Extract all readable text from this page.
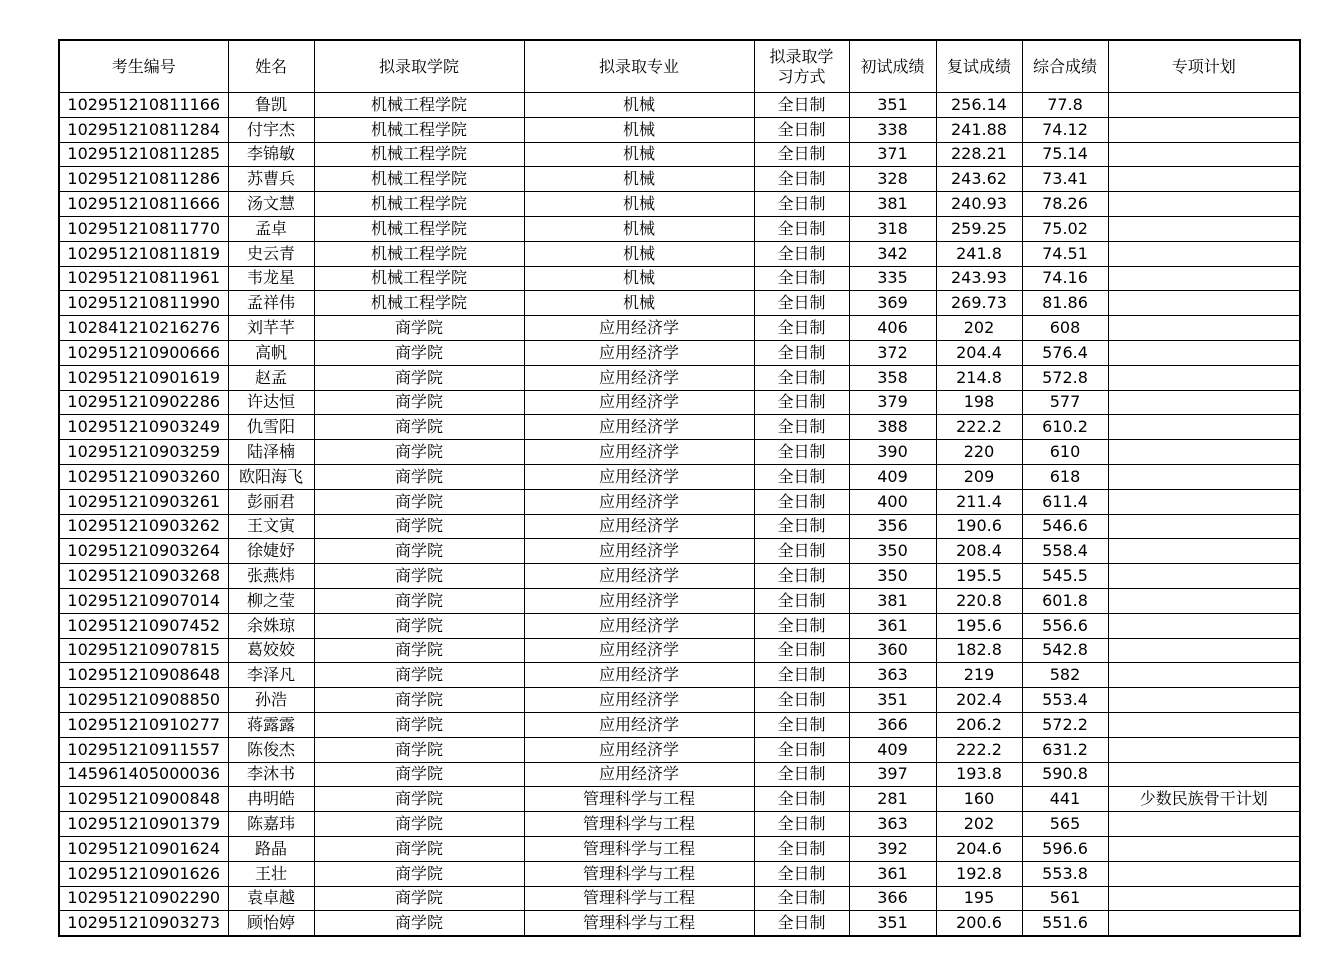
考生编号	姓名	拟录取学院	拟录取专业	拟录取学习方式	初试成绩	复试成绩	综合成绩	专项计划
102951210811166	鲁凯	机械工程学院	机械	全日制	351	256.14	77.8	
102951210811284	付宇杰	机械工程学院	机械	全日制	338	241.88	74.12	
102951210811285	李锦敏	机械工程学院	机械	全日制	371	228.21	75.14	
102951210811286	苏曹兵	机械工程学院	机械	全日制	328	243.62	73.41	
102951210811666	汤文慧	机械工程学院	机械	全日制	381	240.93	78.26	
102951210811770	孟卓	机械工程学院	机械	全日制	318	259.25	75.02	
102951210811819	史云青	机械工程学院	机械	全日制	342	241.8	74.51	
102951210811961	韦龙星	机械工程学院	机械	全日制	335	243.93	74.16	
102951210811990	孟祥伟	机械工程学院	机械	全日制	369	269.73	81.86	
102841210216276	刘芊芊	商学院	应用经济学	全日制	406	202	608	
102951210900666	高帆	商学院	应用经济学	全日制	372	204.4	576.4	
102951210901619	赵孟	商学院	应用经济学	全日制	358	214.8	572.8	
102951210902286	许达恒	商学院	应用经济学	全日制	379	198	577	
102951210903249	仇雪阳	商学院	应用经济学	全日制	388	222.2	610.2	
102951210903259	陆泽楠	商学院	应用经济学	全日制	390	220	610	
102951210903260	欧阳海飞	商学院	应用经济学	全日制	409	209	618	
102951210903261	彭丽君	商学院	应用经济学	全日制	400	211.4	611.4	
102951210903262	王文寅	商学院	应用经济学	全日制	356	190.6	546.6	
102951210903264	徐婕妤	商学院	应用经济学	全日制	350	208.4	558.4	
102951210903268	张燕炜	商学院	应用经济学	全日制	350	195.5	545.5	
102951210907014	柳之莹	商学院	应用经济学	全日制	381	220.8	601.8	
102951210907452	余姝琼	商学院	应用经济学	全日制	361	195.6	556.6	
102951210907815	葛姣姣	商学院	应用经济学	全日制	360	182.8	542.8	
102951210908648	李泽凡	商学院	应用经济学	全日制	363	219	582	
102951210908850	孙浩	商学院	应用经济学	全日制	351	202.4	553.4	
102951210910277	蒋露露	商学院	应用经济学	全日制	366	206.2	572.2	
102951210911557	陈俊杰	商学院	应用经济学	全日制	409	222.2	631.2	
145961405000036	李沐书	商学院	应用经济学	全日制	397	193.8	590.8	
102951210900848	冉明皓	商学院	管理科学与工程	全日制	281	160	441	少数民族骨干计划
102951210901379	陈嘉玮	商学院	管理科学与工程	全日制	363	202	565	
102951210901624	路晶	商学院	管理科学与工程	全日制	392	204.6	596.6	
102951210901626	王壮	商学院	管理科学与工程	全日制	361	192.8	553.8	
102951210902290	袁卓越	商学院	管理科学与工程	全日制	366	195	561	
102951210903273	顾怡婷	商学院	管理科学与工程	全日制	351	200.6	551.6	
